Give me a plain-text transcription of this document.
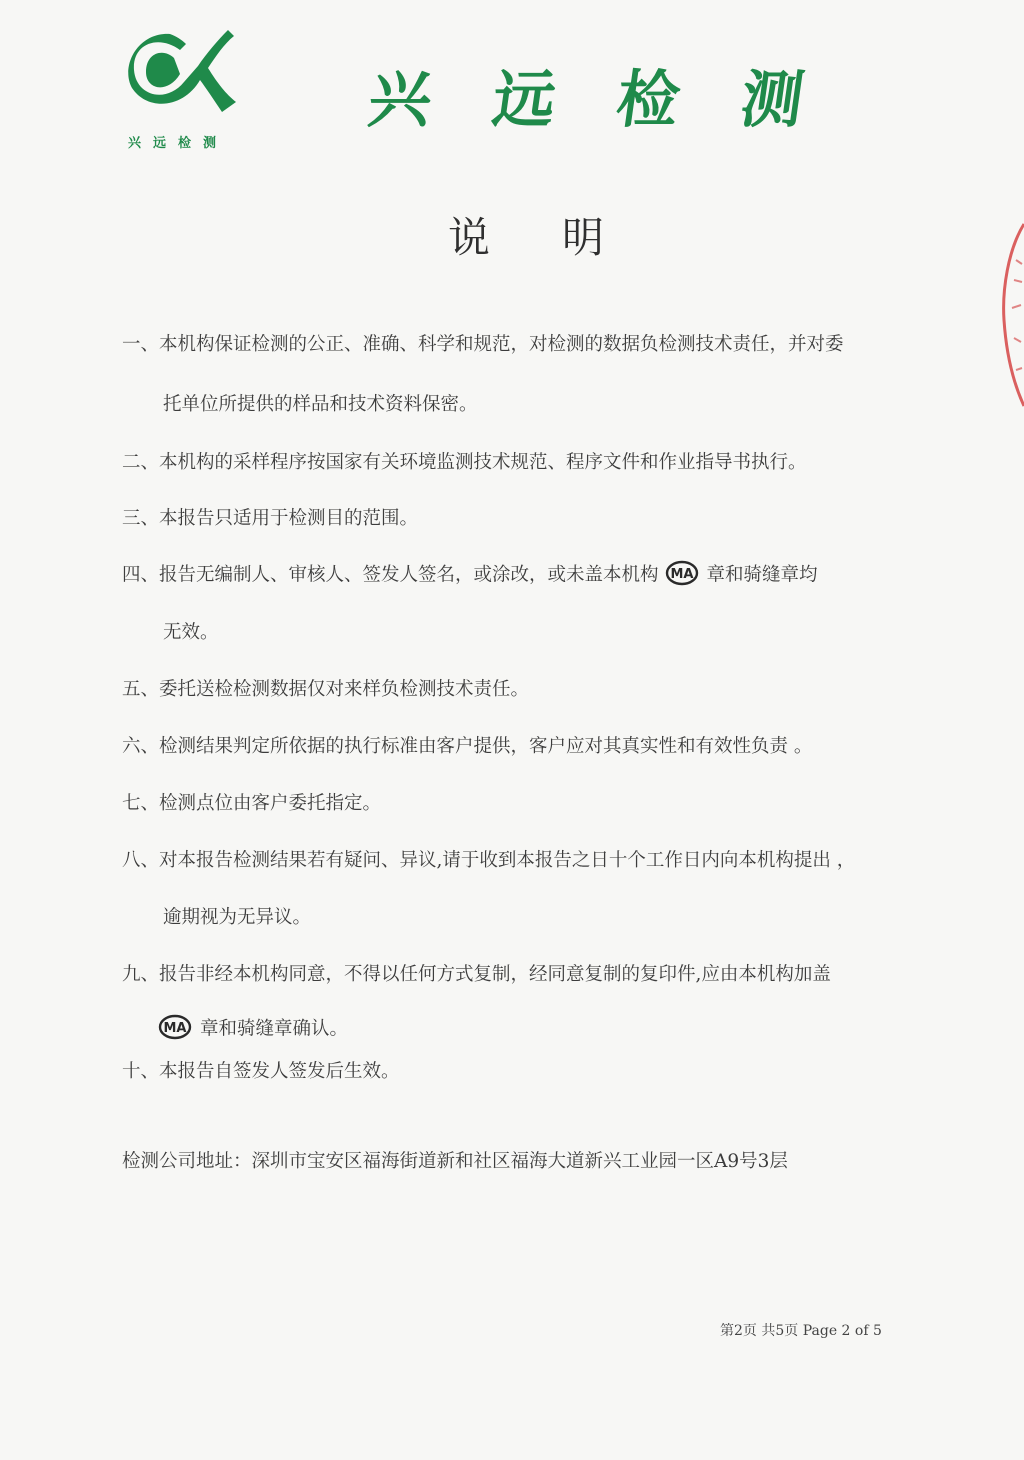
兴远检测
兴远检测
说明
一、本机构保证检测的公正、准确、科学和规范，对检测的数据负检测技术责任，并对委
托单位所提供的样品和技术资料保密。
二、本机构的采样程序按国家有关环境监测技术规范、程序文件和作业指导书执行。
三、本报告只适用于检测目的范围。
四、报告无编制人、审核人、签发人签名，或涂改，或未盖本机构 MA 章和骑缝章均
无效。
五、委托送检检测数据仅对来样负检测技术责任。
六、检测结果判定所依据的执行标准由客户提供，客户应对其真实性和有效性负责 。
七、检测点位由客户委托指定。
八、对本报告检测结果若有疑问、异议,请于收到本报告之日十个工作日内向本机构提出 ，
逾期视为无异议。
九、报告非经本机构同意，不得以任何方式复制，经同意复制的复印件,应由本机构加盖
MA 章和骑缝章确认。
十、本报告自签发人签发后生效。
检测公司地址：深圳市宝安区福海街道新和社区福海大道新兴工业园一区A9号3层
第2页 共5页 Page 2 of 5
